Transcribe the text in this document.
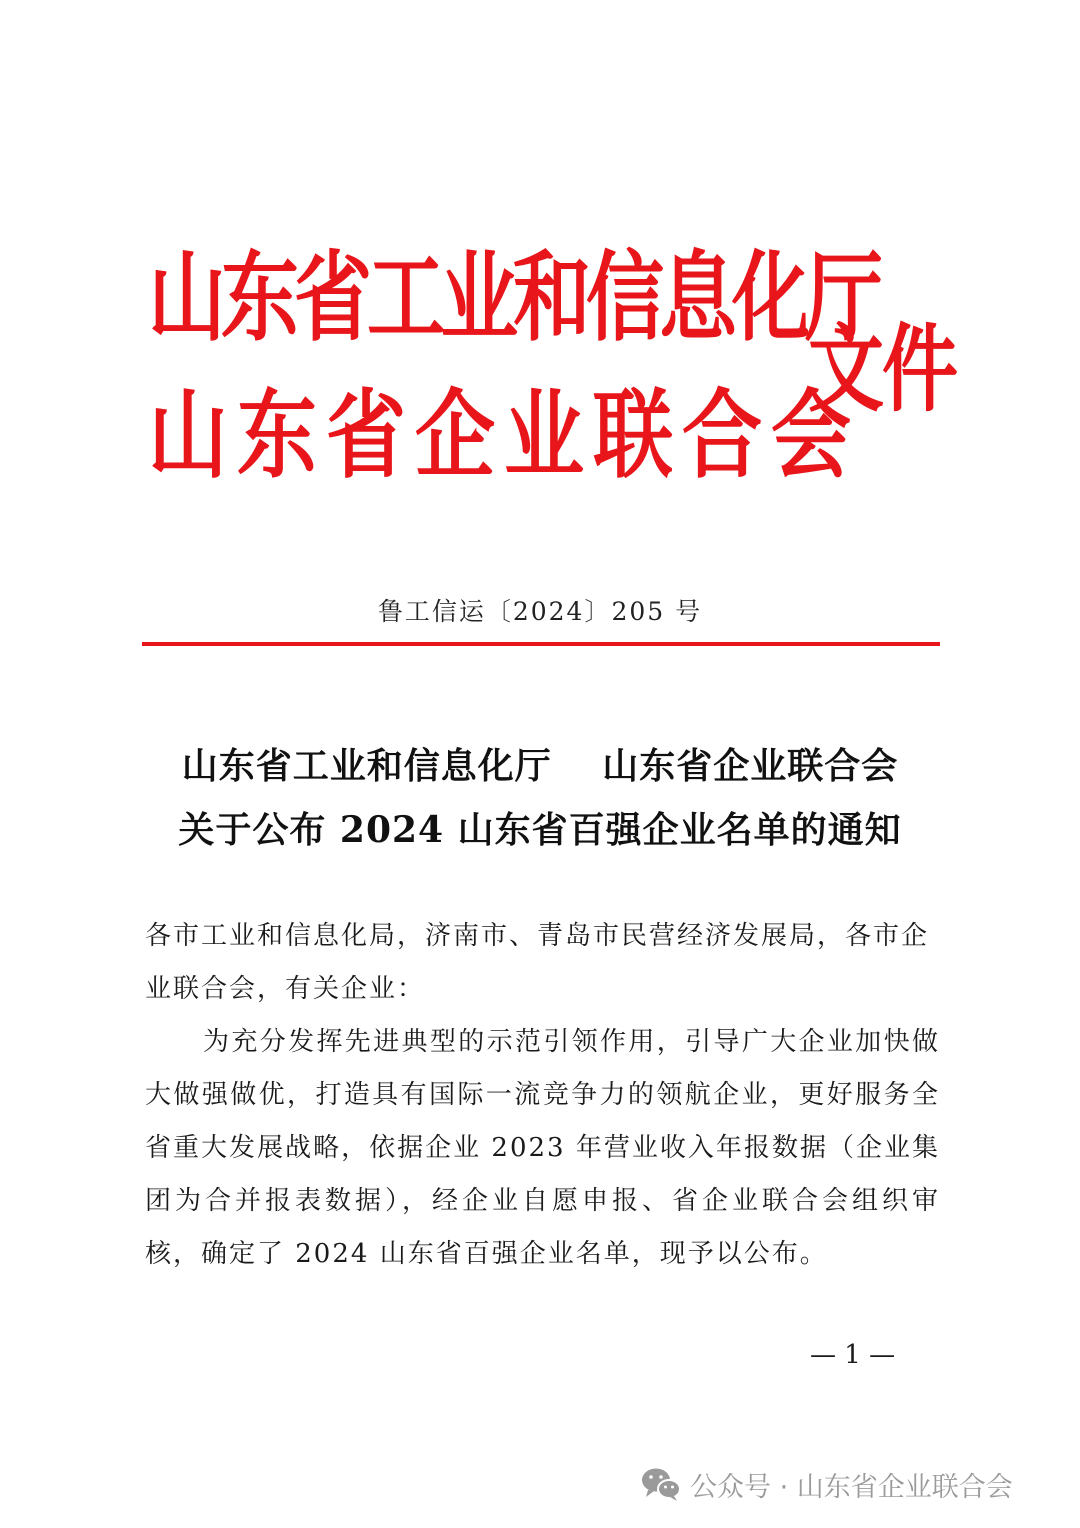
山东省工业和信息化厅
山东省企业联合会
文件
鲁工信运〔2024〕205 号
山东省工业和信息化厅　 山东省企业联合会
关于公布 2024 山东省百强企业名单的通知
各市工业和信息化局，济南市、青岛市民营经济发展局，各市企业联合会，有关企业：
为充分发挥先进典型的示范引领作用，引导广大企业加快做大做强做优，打造具有国际一流竞争力的领航企业，更好服务全省重大发展战略，依据企业 2023 年营业收入年报数据（企业集团为合并报表数据），经企业自愿申报、省企业联合会组织审核，确定了 2024 山东省百强企业名单，现予以公布。
— 1 —
公众号 · 山东省企业联合会
